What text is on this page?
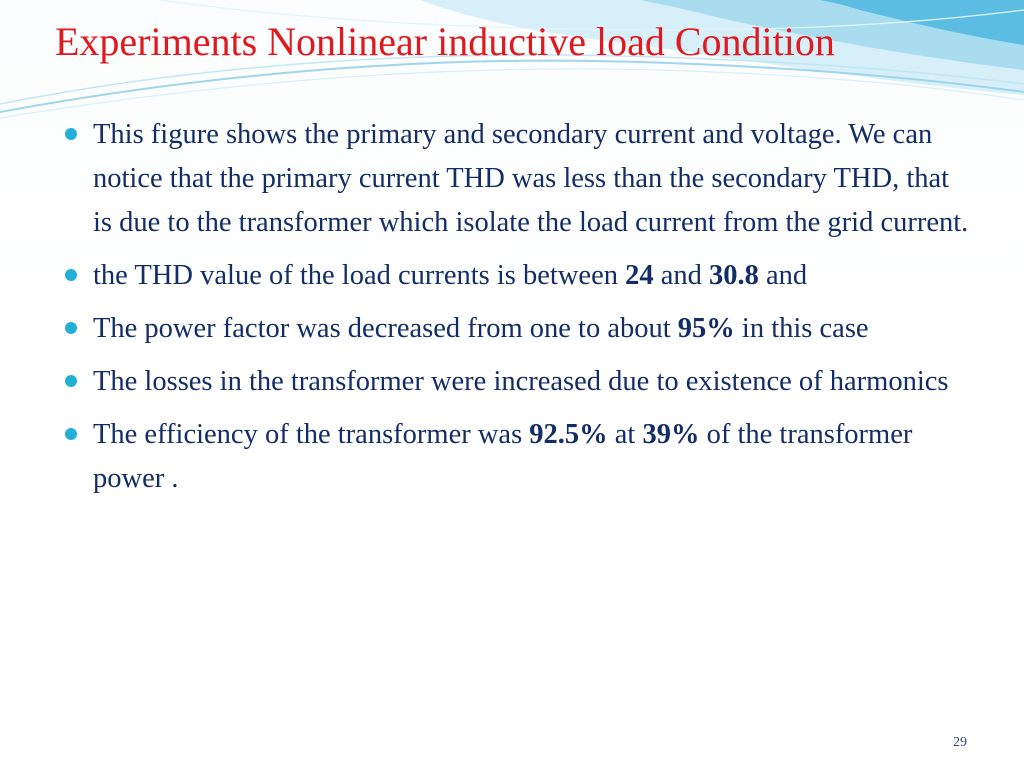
Experiments Nonlinear inductive load Condition
This figure shows the primary and secondary current and voltage. We can notice that the primary current THD was less than the secondary THD, that is due to the transformer which isolate the load current from the grid current.
the THD value of the load currents is between 24 and 30.8 and
The power factor was decreased from one to about 95% in this case
The losses in the transformer were increased due to existence of harmonics
The efficiency of the transformer was 92.5% at 39% of the transformer power .
29
